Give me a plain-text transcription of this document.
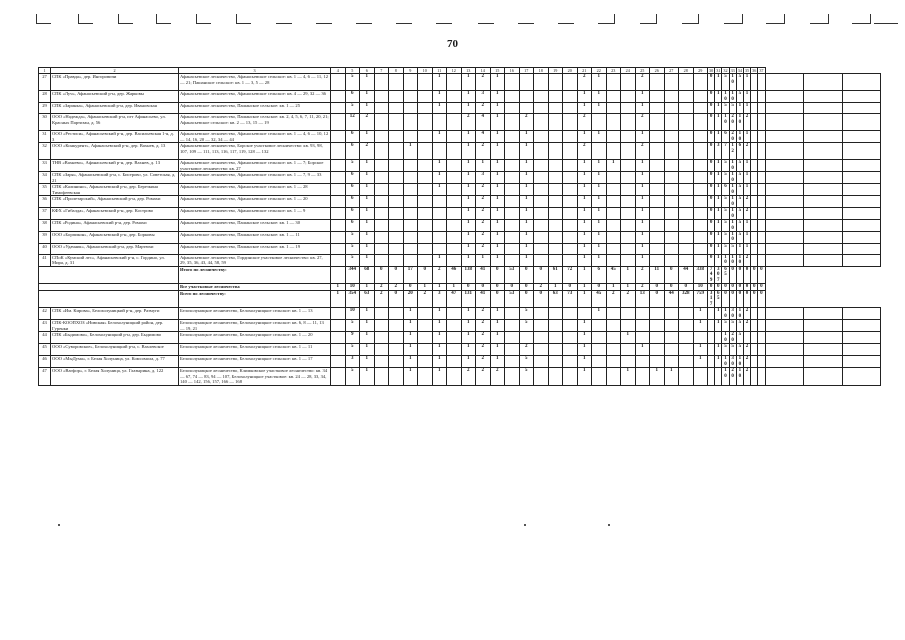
70
1	2	3	4	5	6	7	8	9	10	11	12	13	14	15	16	17	18	19	20	21	22	23	24	25	26	27	28	29	30	31	32	33	34	35	36	37			
27	СПК «Правда», дер. Ингоровичи	Афанасьевское лесничество, Афанасьевское сельское: кв. 1 — 4, 6 — 11, 12 — 21; Пашанское сельское: кв. 1 — 3, 5 — 28		5	1					1		1	2	1						2	1			2					0	1	5	10	5	1					
28	СПК «Луч», Афанасьевский р-н, дер. Жарковы	Афанасьевское лесничество, Афанасьевское сельское: кв. 4 — 29, 32 — 36		6	1					1		1	3	1						1	1			1					0	1	10	10	5	1					
29	СПК «Заринка», Афанасьевский р-н, дер. Ивановская	Афанасьевское лесничество, Пашанское сельское: кв. 1 — 25		5	1					1		1	2	1						1	1			1					0	1	5	5	1	1					
30	ООО «Надежда», Афанасьевский р-н, пгт Афанасьево, ул. Красных Партизан, д. 56	Афанасьевское лесничество, Пашанское сельское: кв. 2, 4, 5, 6, 7, 11, 20, 21; Афанасьевское сельское: кв. 2 — 13, 15 — 19		12	2							2	4	1		2				2				2					0	1	10	20	10	2					
31	ООО «Рестиси», Афанасьевский р-н, дер. Васильевская 1-я, д. 3	Афанасьевское лесничество, Афанасьевское сельское: кв. 1 — 4, 6 — 10, 12 — 14, 16, 20 — 32, 34 — 44		6	1					1		1	4	1		1				1	1			1					0	1	6	20	10	1					
32	ООО «Конкурент», Афанасьевский р-н, дер. Вахнев, д. 13	Афанасьевское лесничество, Борское участковое лесничество: кв. 93, 98, 107, 109 — 111, 113, 116, 117, 119, 128 — 132		6	2			1				1	2	1		1				2				2					0	3	7	12	6	2					
33	ТНВ «Вахнево», Афанасьевский р-н, дер. Вахнев, д. 13	Афанасьевское лесничество, Афанасьевское сельское: кв. 1 — 7; Борское участковое лесничество: кв. 27		5	1					1		1	1	1		1				1	1	1		1					0	1	5	10	5	1					
34	СПК «Заря», Афанасьевский р-н, с. Бисерово, ул. Советская, д. 21	Афанасьевское лесничество, Афанасьевское сельское: кв. 1 — 7, 9 — 33		6	1					1		1	3	1		1				1	1			1					0	1	5	10	5	1					
35	СПК «Калинино», Афанасьевский р-н, дер. Березкина Тимофеевская	Афанасьевское лесничество, Афанасьевское сельское: кв. 1 — 28		6	1					1		1	2	1		1				1	1			1					0	1	6	10	5	1					
36	СПК «Пролетарский», Афанасьевский р-н, дер. Ромахи	Афанасьевское лесничество, Афанасьевское сельское: кв. 1 — 20		6	1							1	2	1		1				1	1			1					0	1	5	10	5	2					
37	КФХ «Гибалда», Афанасьевский р-н, дер. Кострово	Афанасьевское лесничество, Афанасьевское сельское: кв. 1 — 9		6	1							1	2	1		1				1	1			1					0	1	5	10	5	2					
38	СПК «Родина», Афанасьевский р-н, дер. Ромахи	Афанасьевское лесничество, Пашанское сельское: кв. 1 — 30		6	1							1	2	1		1				1	1			1					0	1	5	10	5	1					
39	ООО «Борпикон», Афанасьевский р-н, дер. Борковы	Афанасьевское лесничество, Пашанское сельское: кв. 1 — 11		5	1							1	2	1		1				1	1			1					0	1	5	10	5	1					
40	ООО «Удачник», Афанасьевский р-н, дер. Мартюхи	Афанасьевское лесничество, Пашанское сельское: кв. 1 — 19		5	1							1	2	1		1				1	1			1					0	1	5	5	1	1					
41	СПоК «Кумский лес», Афанасьевский р-н, с. Гордино, ул. Мира, д. 31	Афанасьевское лесничество, Гординское участковое лесничество: кв. 27, 29, 35, 36, 43, 44, 58, 59		5	1					1		1	1	1		1				1	1			1					0	1	10	10	10	2					
		Итого по лесничеству:		344	68	0	0	17	0	2	46	138	41	0	53	0	0	61	72	1	6	45	1	2	11	0	44	338	749	307	65	0	0	0	0	0			
		Все участковые лесничества	1	10	1	2	2	0	1	1	1	0	0	0	0	0	2	1	0	1	0	1	1	2	0	0	0	10	0	0	0	0	0	0	0	0			
		Всего по лесничеству:	1	354	63	2	0	20	2	3	47	131	41	0	53	0	0	63	73	1	45	2	2	13	0	44	328	759	317	65	0	0	0	0	0	0			
42	СПК «Им. Кирова», Белохолуницкий р-н, дер. Размуги	Белохолуницкое лесничество, Белохолуницкое сельское: кв. 1 — 13		10	1			1		1		1	2	1		5					1							1		1	10	30	10	2					
43	СПК-КООПХОЗ «Нивская» Белохолуницкий район, дер. Гуренки	Белохолуницкое лесничество, Белохолуницкое сельское: кв. 6, 8 — 11, 13 — 19, 21		5	1			1		1		1	2	1		5				1								1		1	5	5	5	2					
44	СПК «Быдимово», Белохолуницкий р-н, дер. Быдимово	Белохолуницкое лесничество, Белохолуницкое сельское: кв. 1 — 20		9	1			1		1		1	2	1						1			1								10	20	5						
45	ООО «Суворовское», Белохолуницкий р-н, с. Вахлевское	Белохолуницкое лесничество, Белохолуницкое сельское: кв. 1 — 11		5	1			1		1		1	2	1		2				1				1				1		1	5	5	5	2					
46	ООО «МыДума», г. Белая Холуница, ул. Комсомола, д. 77	Белохолуницкое лесничество, Белохолуницкое сельское: кв. 1 — 17		3	1			1		1		1	2	1		5				1								1		1	10	30	10	2					
47	ООО «Вагфор», г. Белая Холуница, ул. Глазырина, д. 122	Белохолуницкое лесничество, Климковское участковое лесничество: кв. 34 — 67, 74 — 83, 94 — 107, Белохолуницкое участковое: кв. 24 — 28, 33, 34, 140 — 142, 156, 157, 166 — 168		5	1			1		1		2	2	2		5				1			1		1	1					10	20	10	2					
